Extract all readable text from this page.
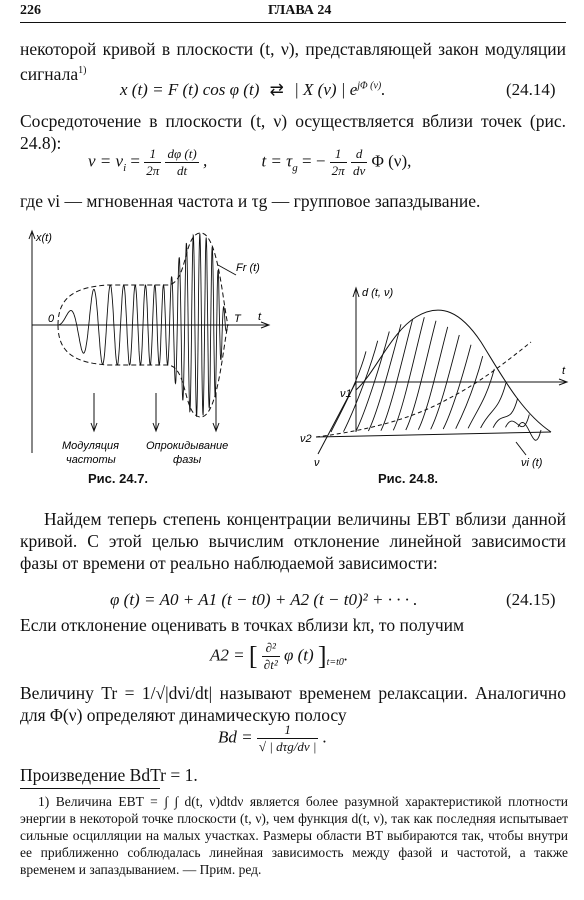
226	ГЛАВА 24
некоторой кривой в плоскости (t, ν), представляющей закон модуляции сигнала$^{1)}$
x (t) = F (t) cos φ (t) ⇄ | X (ν) | $e^{j\Phi (\nu)}$.	(24.14)
Сосредоточение в плоскости (t, ν) осуществляется вблизи точек (рис. 24.8):
$\nu = \nu_i = \frac{1}{2\pi}$
$\frac{d\varphi (t)}{dt}$ ,	$t = \tau_g$ = − $\frac{1}{2\pi}$
$\frac{d}{d\nu}$ Φ (ν),
где νi — мгновенная частота и τg — групповое запаздывание.
x(t)
Fr (t)
0	T t
Модуляция
частоты
Опрокидывание
фазы
Рис. 24.7.
d (t, ν)
t
ν
ν1
ν2
νi (t)
Рис. 24.8.
Найдем теперь степень концентрации величины EBT вблизи данной кривой. С этой целью вычислим отклонение линейной зависимости фазы от времени от реально наблюдаемой зависимости:
φ (t) = A0 + A1 (t − t0) + A2 (t − t0)² + · · · .	(24.15)
Если отклонение оценивать в точках вблизи kπ, то получим
A2 = [ $\frac{\text{∂²}}{\text{∂t²}}$ φ (t) ]$_{t=t0}$.
Величину Tr = 1/√|dνi/dt| называют временем релаксации. Аналогично для Φ(ν) определяют динамическую полосу
$Bd = \frac{1}{\text{√ | dτg/dν |}}$ .
Произведение BdTr = 1.
1) Величина EBT = ∫ ∫ d(t, ν)dtdν является более разумной характеристикой плотности энергии в некоторой точке плоскости (t, ν), чем функция d(t, ν), так как последняя испытывает сильные осцилляции на малых участках. Размеры области BT выбираются так, чтобы внутри ее приближенно соблюдалась линейная зависимость между фазой и частотой, а также временем и запаздыванием. — Прим. ред.
